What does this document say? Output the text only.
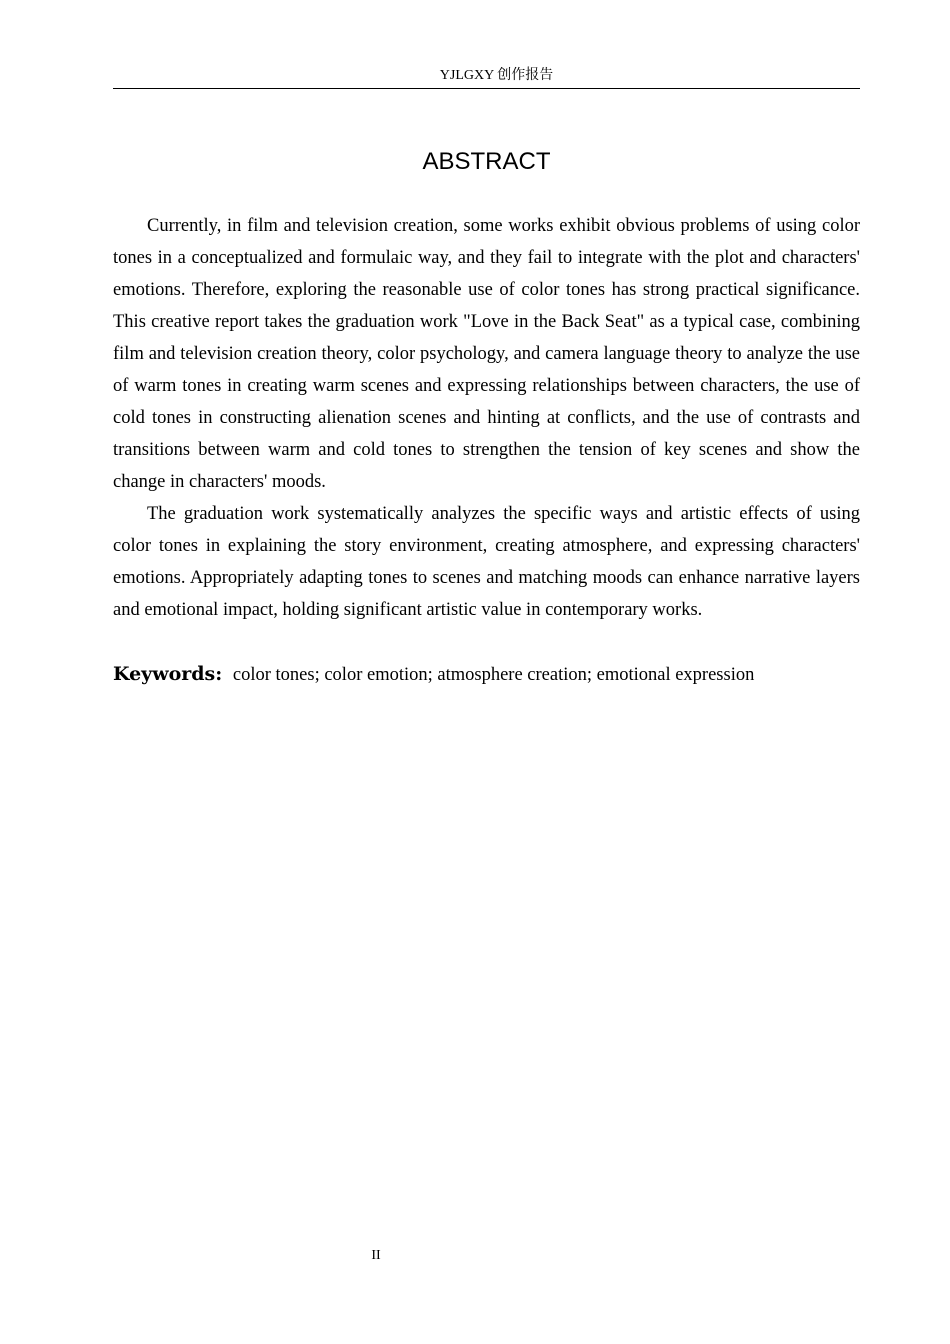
YJLGXY 创作报告
ABSTRACT

Currently, in film and television creation, some works exhibit obvious problems of using color tones in a conceptualized and formulaic way, and they fail to integrate with the plot and characters' emotions. Therefore, exploring the reasonable use of color tones has strong practical significance. This creative report takes the graduation work "Love in the Back Seat" as a typical case, combining film and television creation theory, color psychology, and camera language theory to analyze the use of warm tones in creating warm scenes and expressing relationships between characters, the use of cold tones in constructing alienation scenes and hinting at conflicts, and the use of contrasts and transitions between warm and cold tones to strengthen the tension of key scenes and show the change in characters' moods.

The graduation work systematically analyzes the specific ways and artistic effects of using color tones in explaining the story environment, creating atmosphere, and expressing characters' emotions. Appropriately adapting tones to scenes and matching moods can enhance narrative layers and emotional impact, holding significant artistic value in contemporary works.

Keywords: color tones; color emotion; atmosphere creation; emotional expression
II
